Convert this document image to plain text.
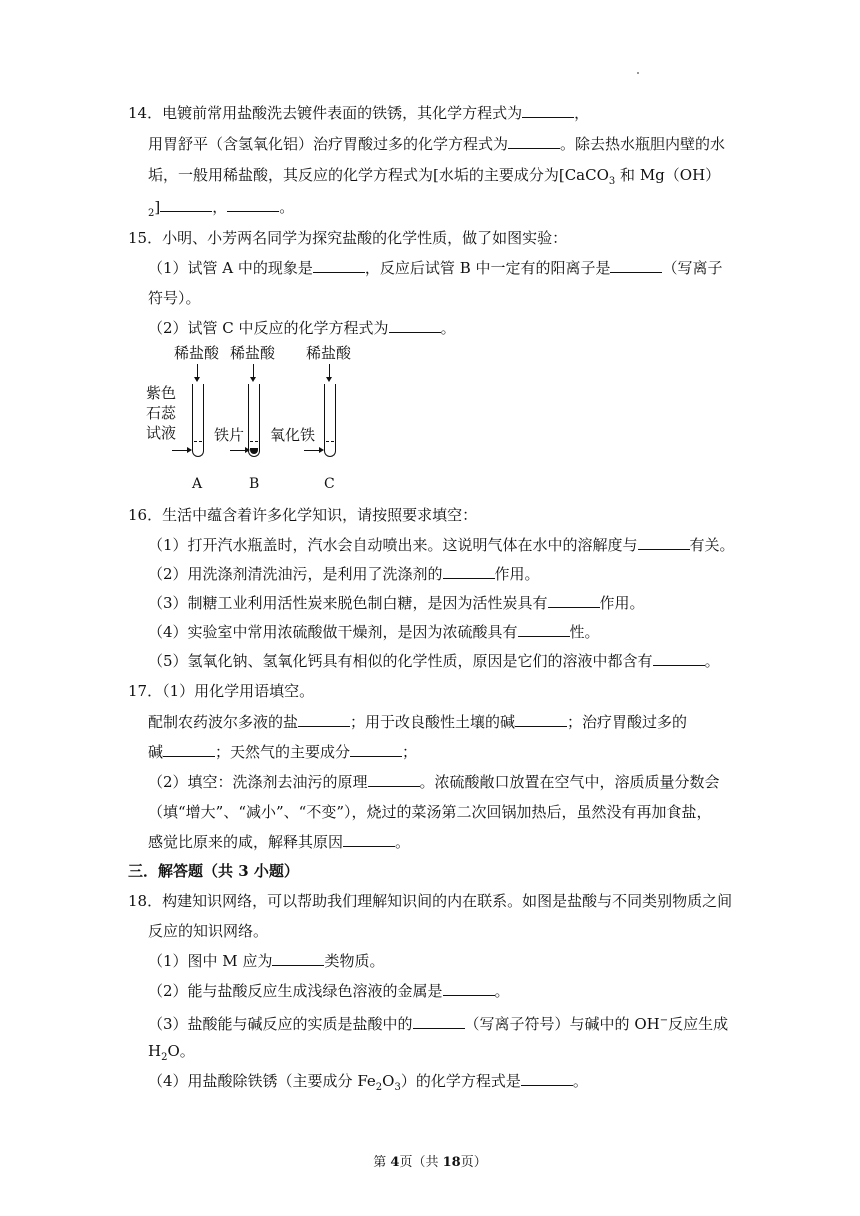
14．电镀前常用盐酸洗去镀件表面的铁锈，其化学方程式为	，
用胃舒平（含氢氧化铝）治疗胃酸过多的化学方程式为	。除去热水瓶胆内壁的水
垢，一般用稀盐酸，其反应的化学方程式为[水垢的主要成分为[CaCO$_3$ 和 Mg（OH）
$_2$]	，	。
15．小明、小芳两名同学为探究盐酸的化学性质，做了如图实验：
（1）试管 A 中的现象是	，反应后试管 B 中一定有的阳离子是	（写离子
符号）。
（2）试管 C 中反应的化学方程式为	。
稀盐酸 稀盐酸 稀盐酸
紫色
石蕊
试液	铁片 氧化铁
A	B	C
16．生活中蕴含着许多化学知识，请按照要求填空：
（1）打开汽水瓶盖时，汽水会自动喷出来。这说明气体在水中的溶解度与	有关。
（2）用洗涤剂清洗油污，是利用了洗涤剂的	作用。
（3）制糖工业利用活性炭来脱色制白糖，是因为活性炭具有	作用。
（4）实验室中常用浓硫酸做干燥剂，是因为浓硫酸具有	性。
（5）氢氧化钠、氢氧化钙具有相似的化学性质，原因是它们的溶液中都含有	。
17．（1）用化学用语填空。
配制农药波尔多液的盐	；用于改良酸性土壤的碱	；治疗胃酸过多的
碱	；天然气的主要成分	；
（2）填空：洗涤剂去油污的原理	。浓硫酸敞口放置在空气中，溶质质量分数会
（填“增大”、“减小”、“不变”），烧过的菜汤第二次回锅加热后，虽然没有再加食盐，
感觉比原来的咸，解释其原因	。
三．解答题（共 3 小题）
18．构建知识网络，可以帮助我们理解知识间的内在联系。如图是盐酸与不同类别物质之间
反应的知识网络。
（1）图中 M 应为	类物质。
（2）能与盐酸反应生成浅绿色溶液的金属是	。
（3）盐酸能与碱反应的实质是盐酸中的	（写离子符号）与碱中的 OH−反应生成
$H_2O$。
（4）用盐酸除铁锈（主要成分 $Fe_2O_3$）的化学方程式是	。
第 4页（共 18页）
